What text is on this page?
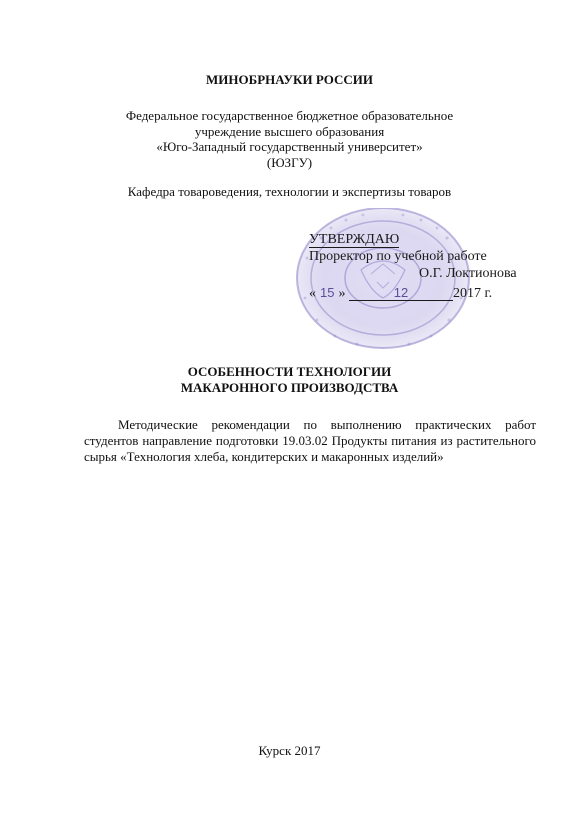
МИНОБРНАУКИ РОССИИ
Федеральное государственное бюджетное образовательное
учреждение высшего образования
«Юго-Западный государственный университет»
(ЮЗГУ)
Кафедра товароведения, технологии и экспертизы товаров
УТВЕРЖДАЮ
Проректор по учебной работе
О.Г. Локтионова
« 15 »	12	2017 г.
ОСОБЕННОСТИ ТЕХНОЛОГИИ
МАКАРОННОГО ПРОИЗВОДСТВА
Методические рекомендации по выполнению практических работ студентов направление подготовки 19.03.02 Продукты питания из растительного сырья «Технология хлеба, кондитерских и макаронных изделий»
Курск 2017
